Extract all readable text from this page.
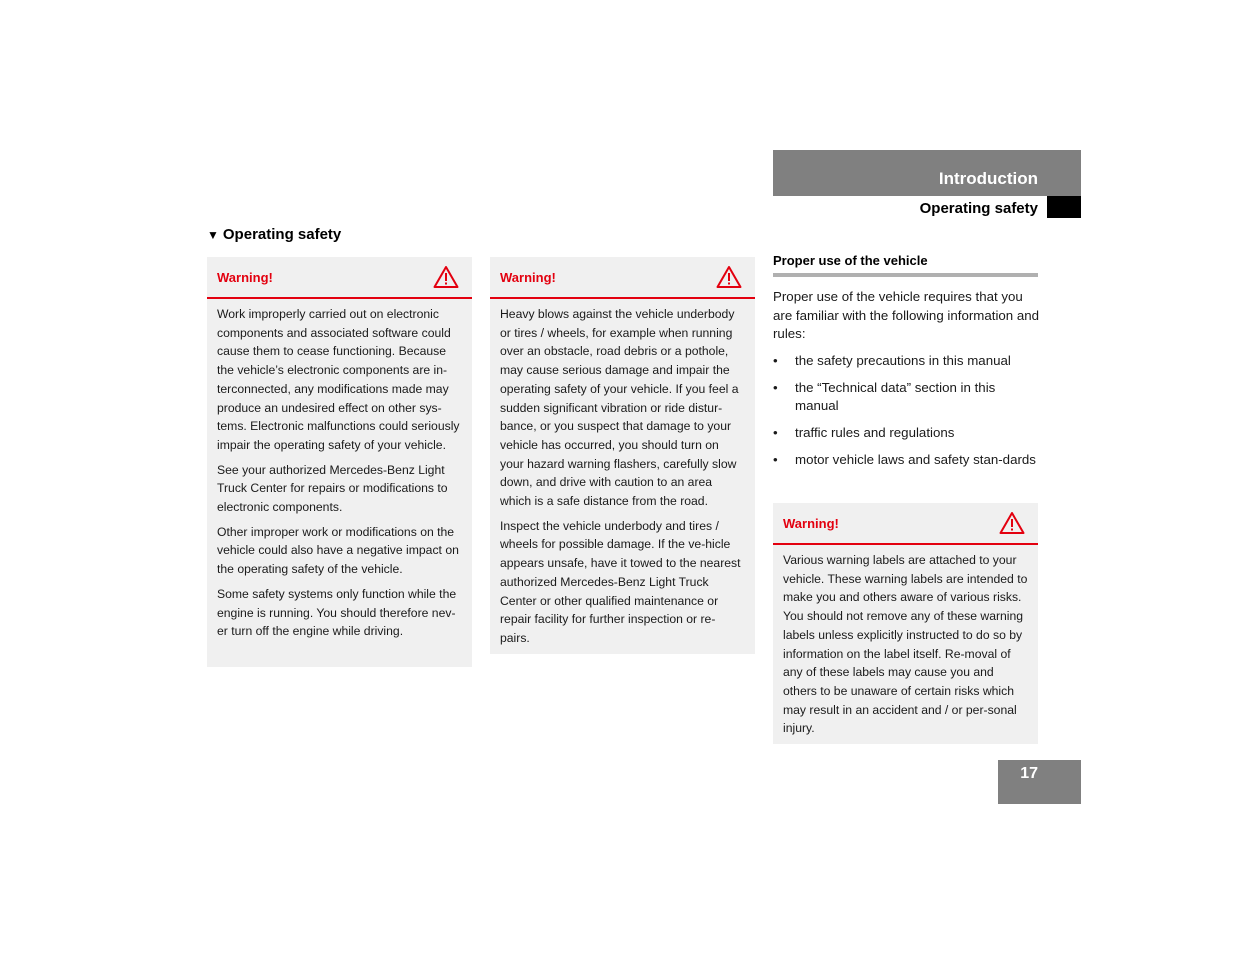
Introduction
Operating safety
▼ Operating safety
Warning!

Work improperly carried out on electronic components and associated software could cause them to cease functioning. Because the vehicle’s electronic components are in-terconnected, any modifications made may produce an undesired effect on other sys-tems. Electronic malfunctions could seriously impair the operating safety of your vehicle.

See your authorized Mercedes-Benz Light Truck Center for repairs or modifications to electronic components.

Other improper work or modifications on the vehicle could also have a negative impact on the operating safety of the vehicle.

Some safety systems only function while the engine is running. You should therefore nev-er turn off the engine while driving.

Warning!

Heavy blows against the vehicle underbody or tires / wheels, for example when running over an obstacle, road debris or a pothole, may cause serious damage and impair the operating safety of your vehicle. If you feel a sudden significant vibration or ride distur-bance, or you suspect that damage to your vehicle has occurred, you should turn on your hazard warning flashers, carefully slow down, and drive with caution to an area which is a safe distance from the road.

Inspect the vehicle underbody and tires / wheels for possible damage. If the ve-hicle appears unsafe, have it towed to the nearest authorized Mercedes-Benz Light Truck Center or other qualified maintenance or repair facility for further inspection or re-pairs.

Proper use of the vehicle

Proper use of the vehicle requires that you are familiar with the following information and rules:

• the safety precautions in this manual
• the “Technical data” section in this manual
• traffic rules and regulations
• motor vehicle laws and safety stan-dards
Warning!

Various warning labels are attached to your vehicle. These warning labels are intended to make you and others aware of various risks. You should not remove any of these warning labels unless explicitly instructed to do so by information on the label itself. Re-moval of any of these labels may cause you and others to be unaware of certain risks which may result in an accident and / or per-sonal injury.

17
